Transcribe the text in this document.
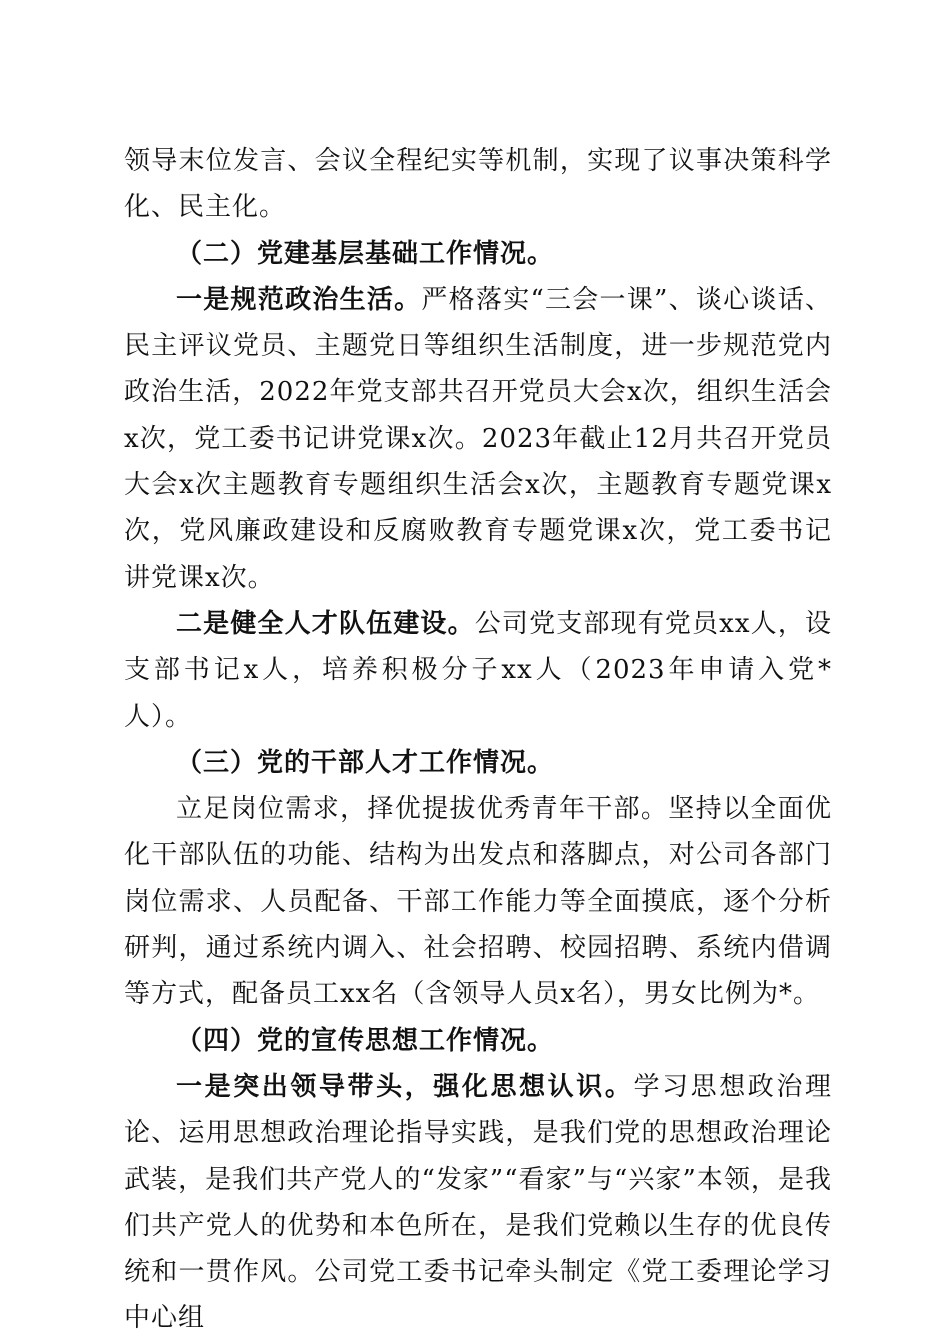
领导末位发言、会议全程纪实等机制，实现了议事决策科学化、民主化。

（二）党建基层基础工作情况。

一是规范政治生活。严格落实“三会一课”、谈心谈话、民主评议党员、主题党日等组织生活制度，进一步规范党内政治生活，2022年党支部共召开党员大会x次，组织生活会x次，党工委书记讲党课x次。2023年截止12月共召开党员大会x次主题教育专题组织生活会x次，主题教育专题党课x次，党风廉政建设和反腐败教育专题党课x次，党工委书记讲党课x次。

二是健全人才队伍建设。公司党支部现有党员xx人，设支部书记x人，培养积极分子xx人（2023年申请入党*人）。

（三）党的干部人才工作情况。

立足岗位需求，择优提拔优秀青年干部。坚持以全面优化干部队伍的功能、结构为出发点和落脚点，对公司各部门岗位需求、人员配备、干部工作能力等全面摸底，逐个分析研判，通过系统内调入、社会招聘、校园招聘、系统内借调等方式，配备员工xx名（含领导人员x名），男女比例为*。

（四）党的宣传思想工作情况。

一是突出领导带头，强化思想认识。学习思想政治理论、运用思想政治理论指导实践，是我们党的思想政治理论武装，是我们共产党人的“发家”“看家”与“兴家”本领，是我们共产党人的优势和本色所在，是我们党赖以生存的优良传统和一贯作风。公司党工委书记牵头制定《党工委理论学习中心组
